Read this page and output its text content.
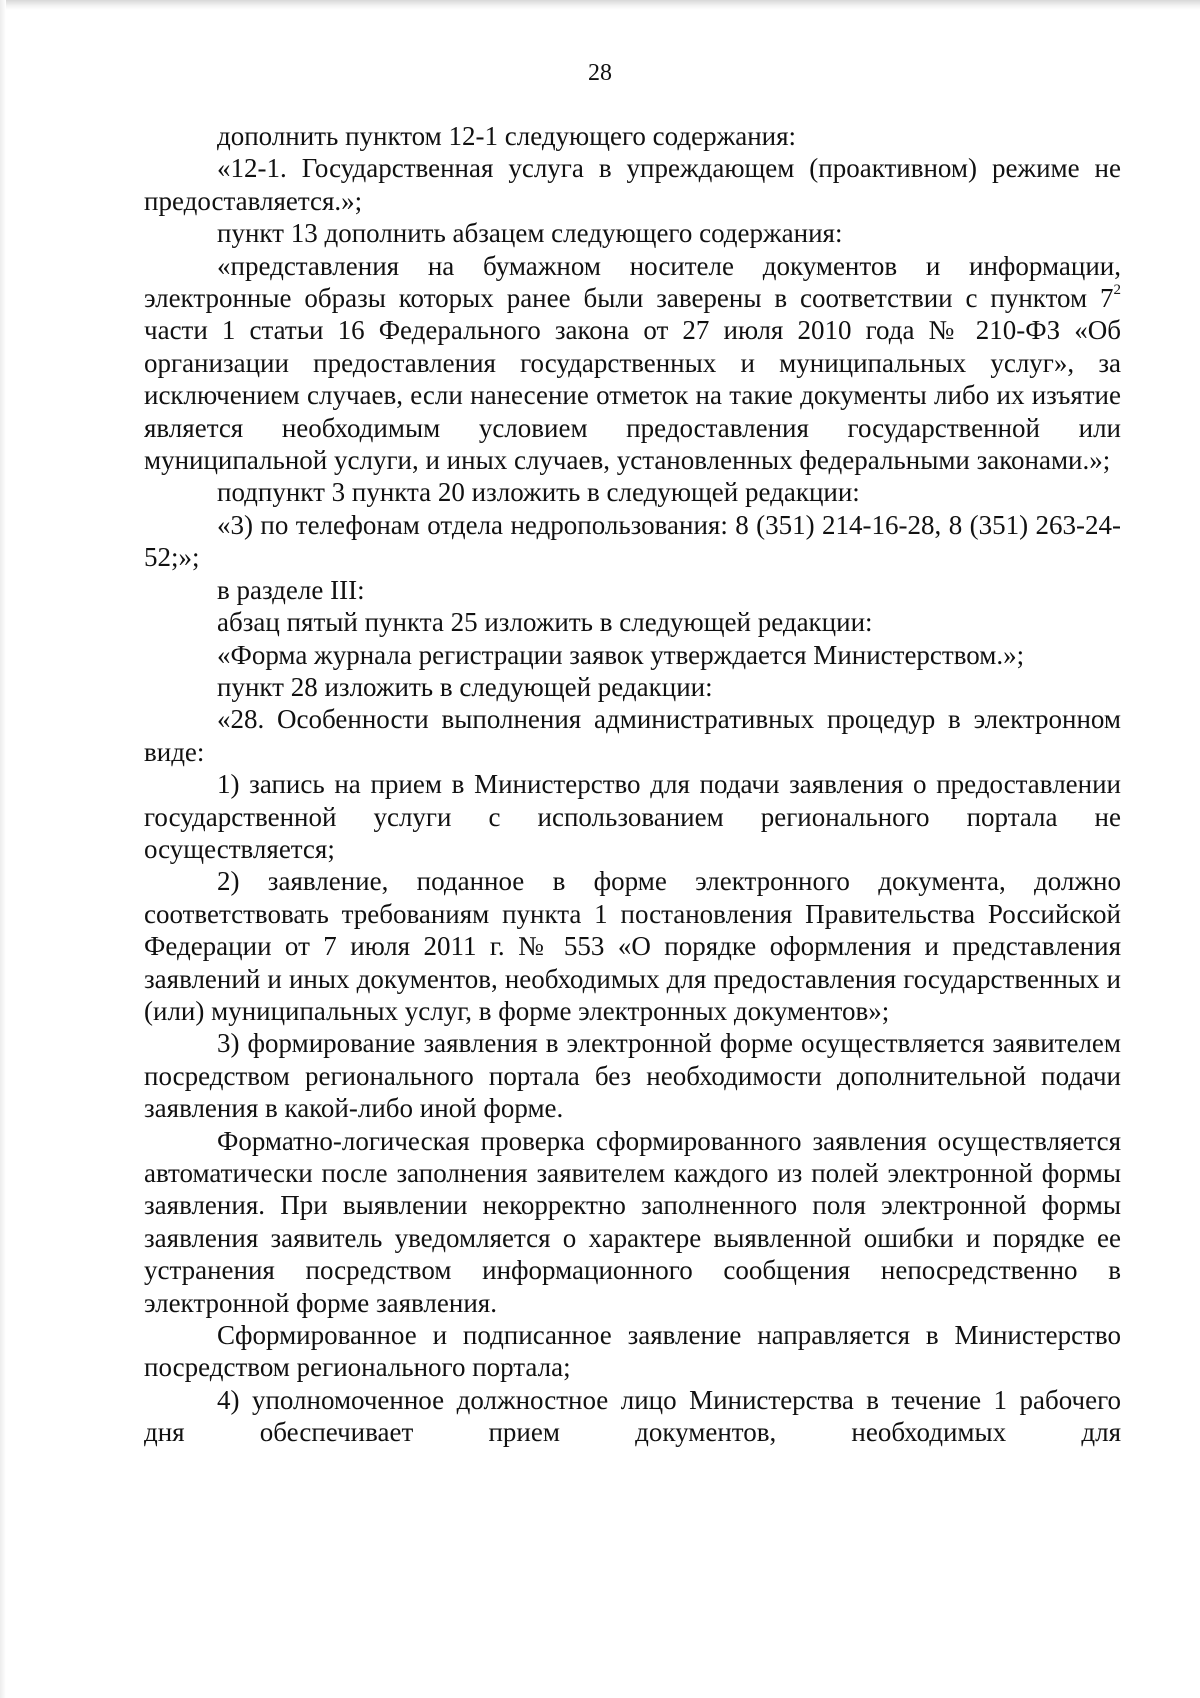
28

дополнить пунктом 12-1 следующего содержания:

«12-1. Государственная услуга в упреждающем (проактивном) режиме не предоставляется.»;

пункт 13 дополнить абзацем следующего содержания:

«представления на бумажном носителе документов и информации, электронные образы которых ранее были заверены в соответствии с пунктом $7^2$ части 1 статьи 16 Федерального закона от 27 июля 2010 года № 210-ФЗ «Об организации предоставления государственных и муниципальных услуг», за исключением случаев, если нанесение отметок на такие документы либо их изъятие является необходимым условием предоставления государственной или муниципальной услуги, и иных случаев, установленных федеральными законами.»;

подпункт 3 пункта 20 изложить в следующей редакции:

«3) по телефонам отдела недропользования: 8 (351) 214-16-28, 8 (351) 263-24-52;»;

в разделе III:

абзац пятый пункта 25 изложить в следующей редакции:

«Форма журнала регистрации заявок утверждается Министерством.»;

пункт 28 изложить в следующей редакции:

«28. Особенности выполнения административных процедур в электронном виде:

1) запись на прием в Министерство для подачи заявления о предоставлении государственной услуги с использованием регионального портала не осуществляется;

2) заявление, поданное в форме электронного документа, должно соответствовать требованиям пункта 1 постановления Правительства Российской Федерации от 7 июля 2011 г. № 553 «О порядке оформления и представления заявлений и иных документов, необходимых для предоставления государственных и (или) муниципальных услуг, в форме электронных документов»;

3) формирование заявления в электронной форме осуществляется заявителем посредством регионального портала без необходимости дополнительной подачи заявления в какой-либо иной форме.

Форматно-логическая проверка сформированного заявления осуществляется автоматически после заполнения заявителем каждого из полей электронной формы заявления. При выявлении некорректно заполненного поля электронной формы заявления заявитель уведомляется о характере выявленной ошибки и порядке ее устранения посредством информационного сообщения непосредственно в электронной форме заявления.

Сформированное и подписанное заявление направляется в Министерство посредством регионального портала;

4) уполномоченное должностное лицо Министерства в течение 1 рабочего дня обеспечивает прием документов, необходимых для
